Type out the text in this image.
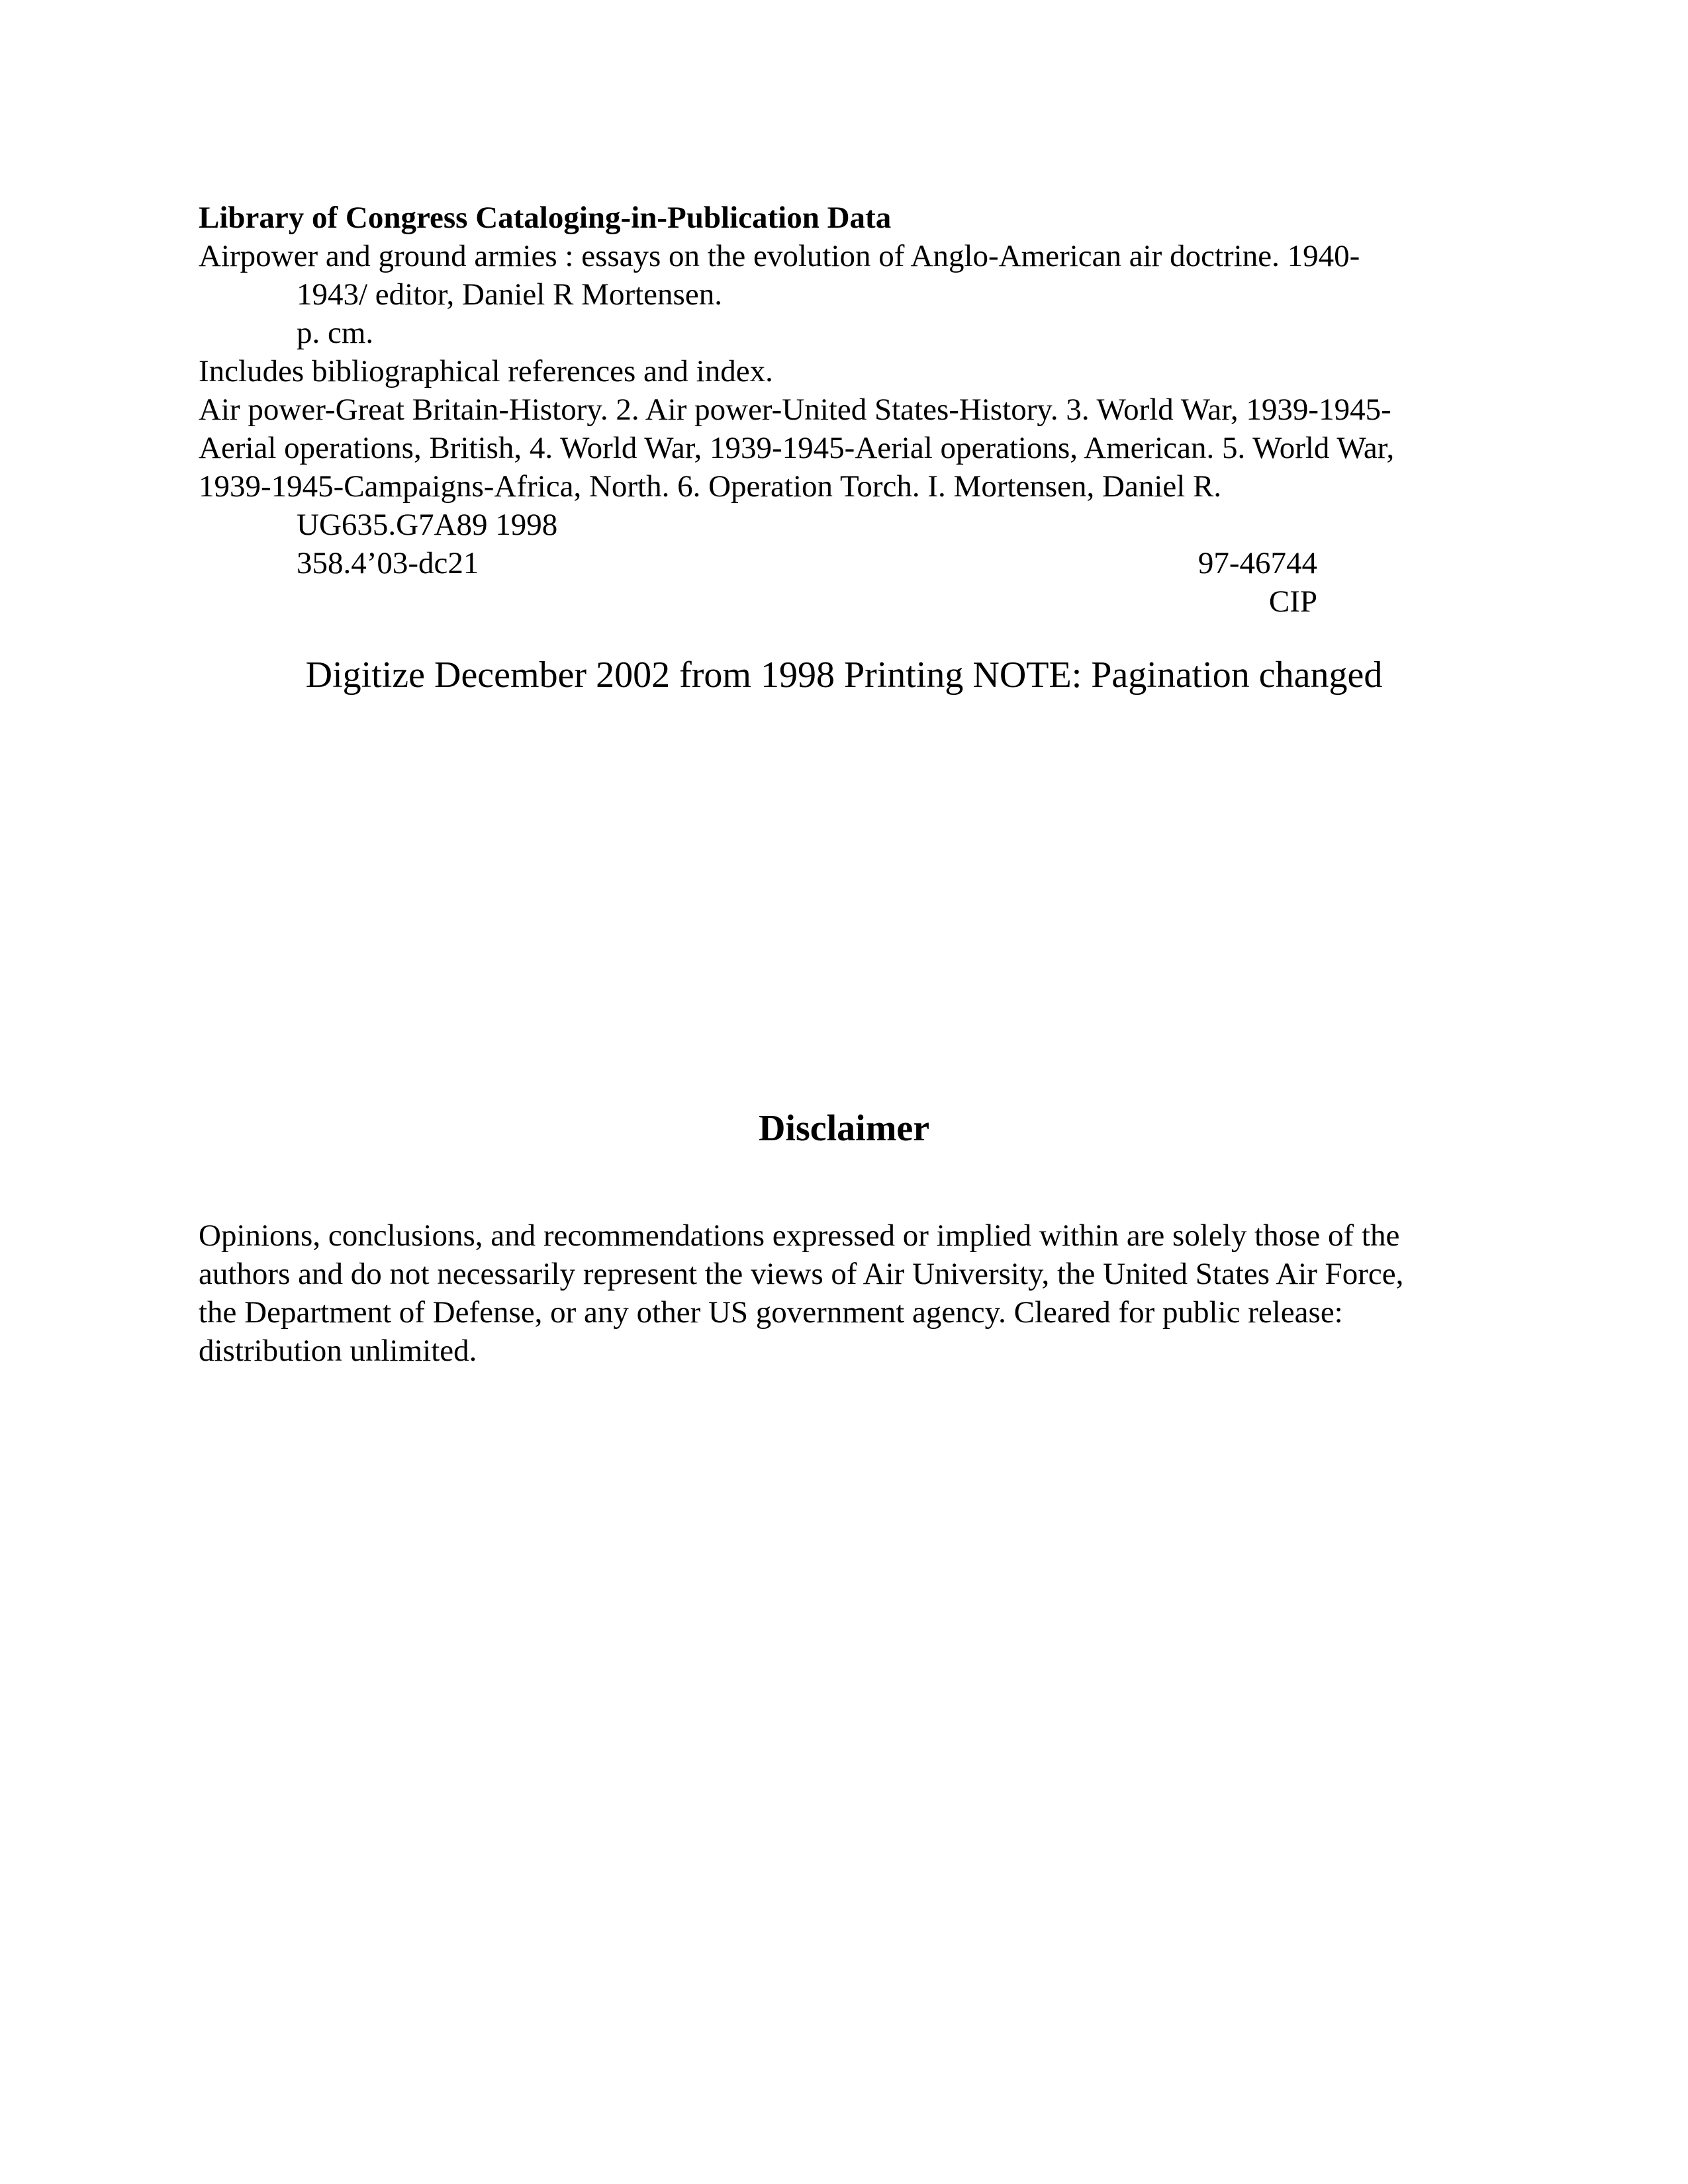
Library of Congress Cataloging-in-Publication Data
Airpower and ground armies : essays on the evolution of Anglo-American air doctrine. 1940-
1943/ editor, Daniel R Mortensen.
p. cm.
Includes bibliographical references and index.
Air power-Great Britain-History. 2. Air power-United States-History. 3. World War, 1939-1945-
Aerial operations, British, 4. World War, 1939-1945-Aerial operations, American. 5. World War,
1939-1945-Campaigns-Africa, North. 6. Operation Torch. I. Mortensen, Daniel R.
UG635.G7A89 1998
358.4’03-dc21	97-46744
CIP
Digitize December 2002 from 1998 Printing NOTE: Pagination changed
Disclaimer
Opinions, conclusions, and recommendations expressed or implied within are solely those of the
authors and do not necessarily represent the views of Air University, the United States Air Force,
the Department of Defense, or any other US government agency. Cleared for public release:
distribution unlimited.
